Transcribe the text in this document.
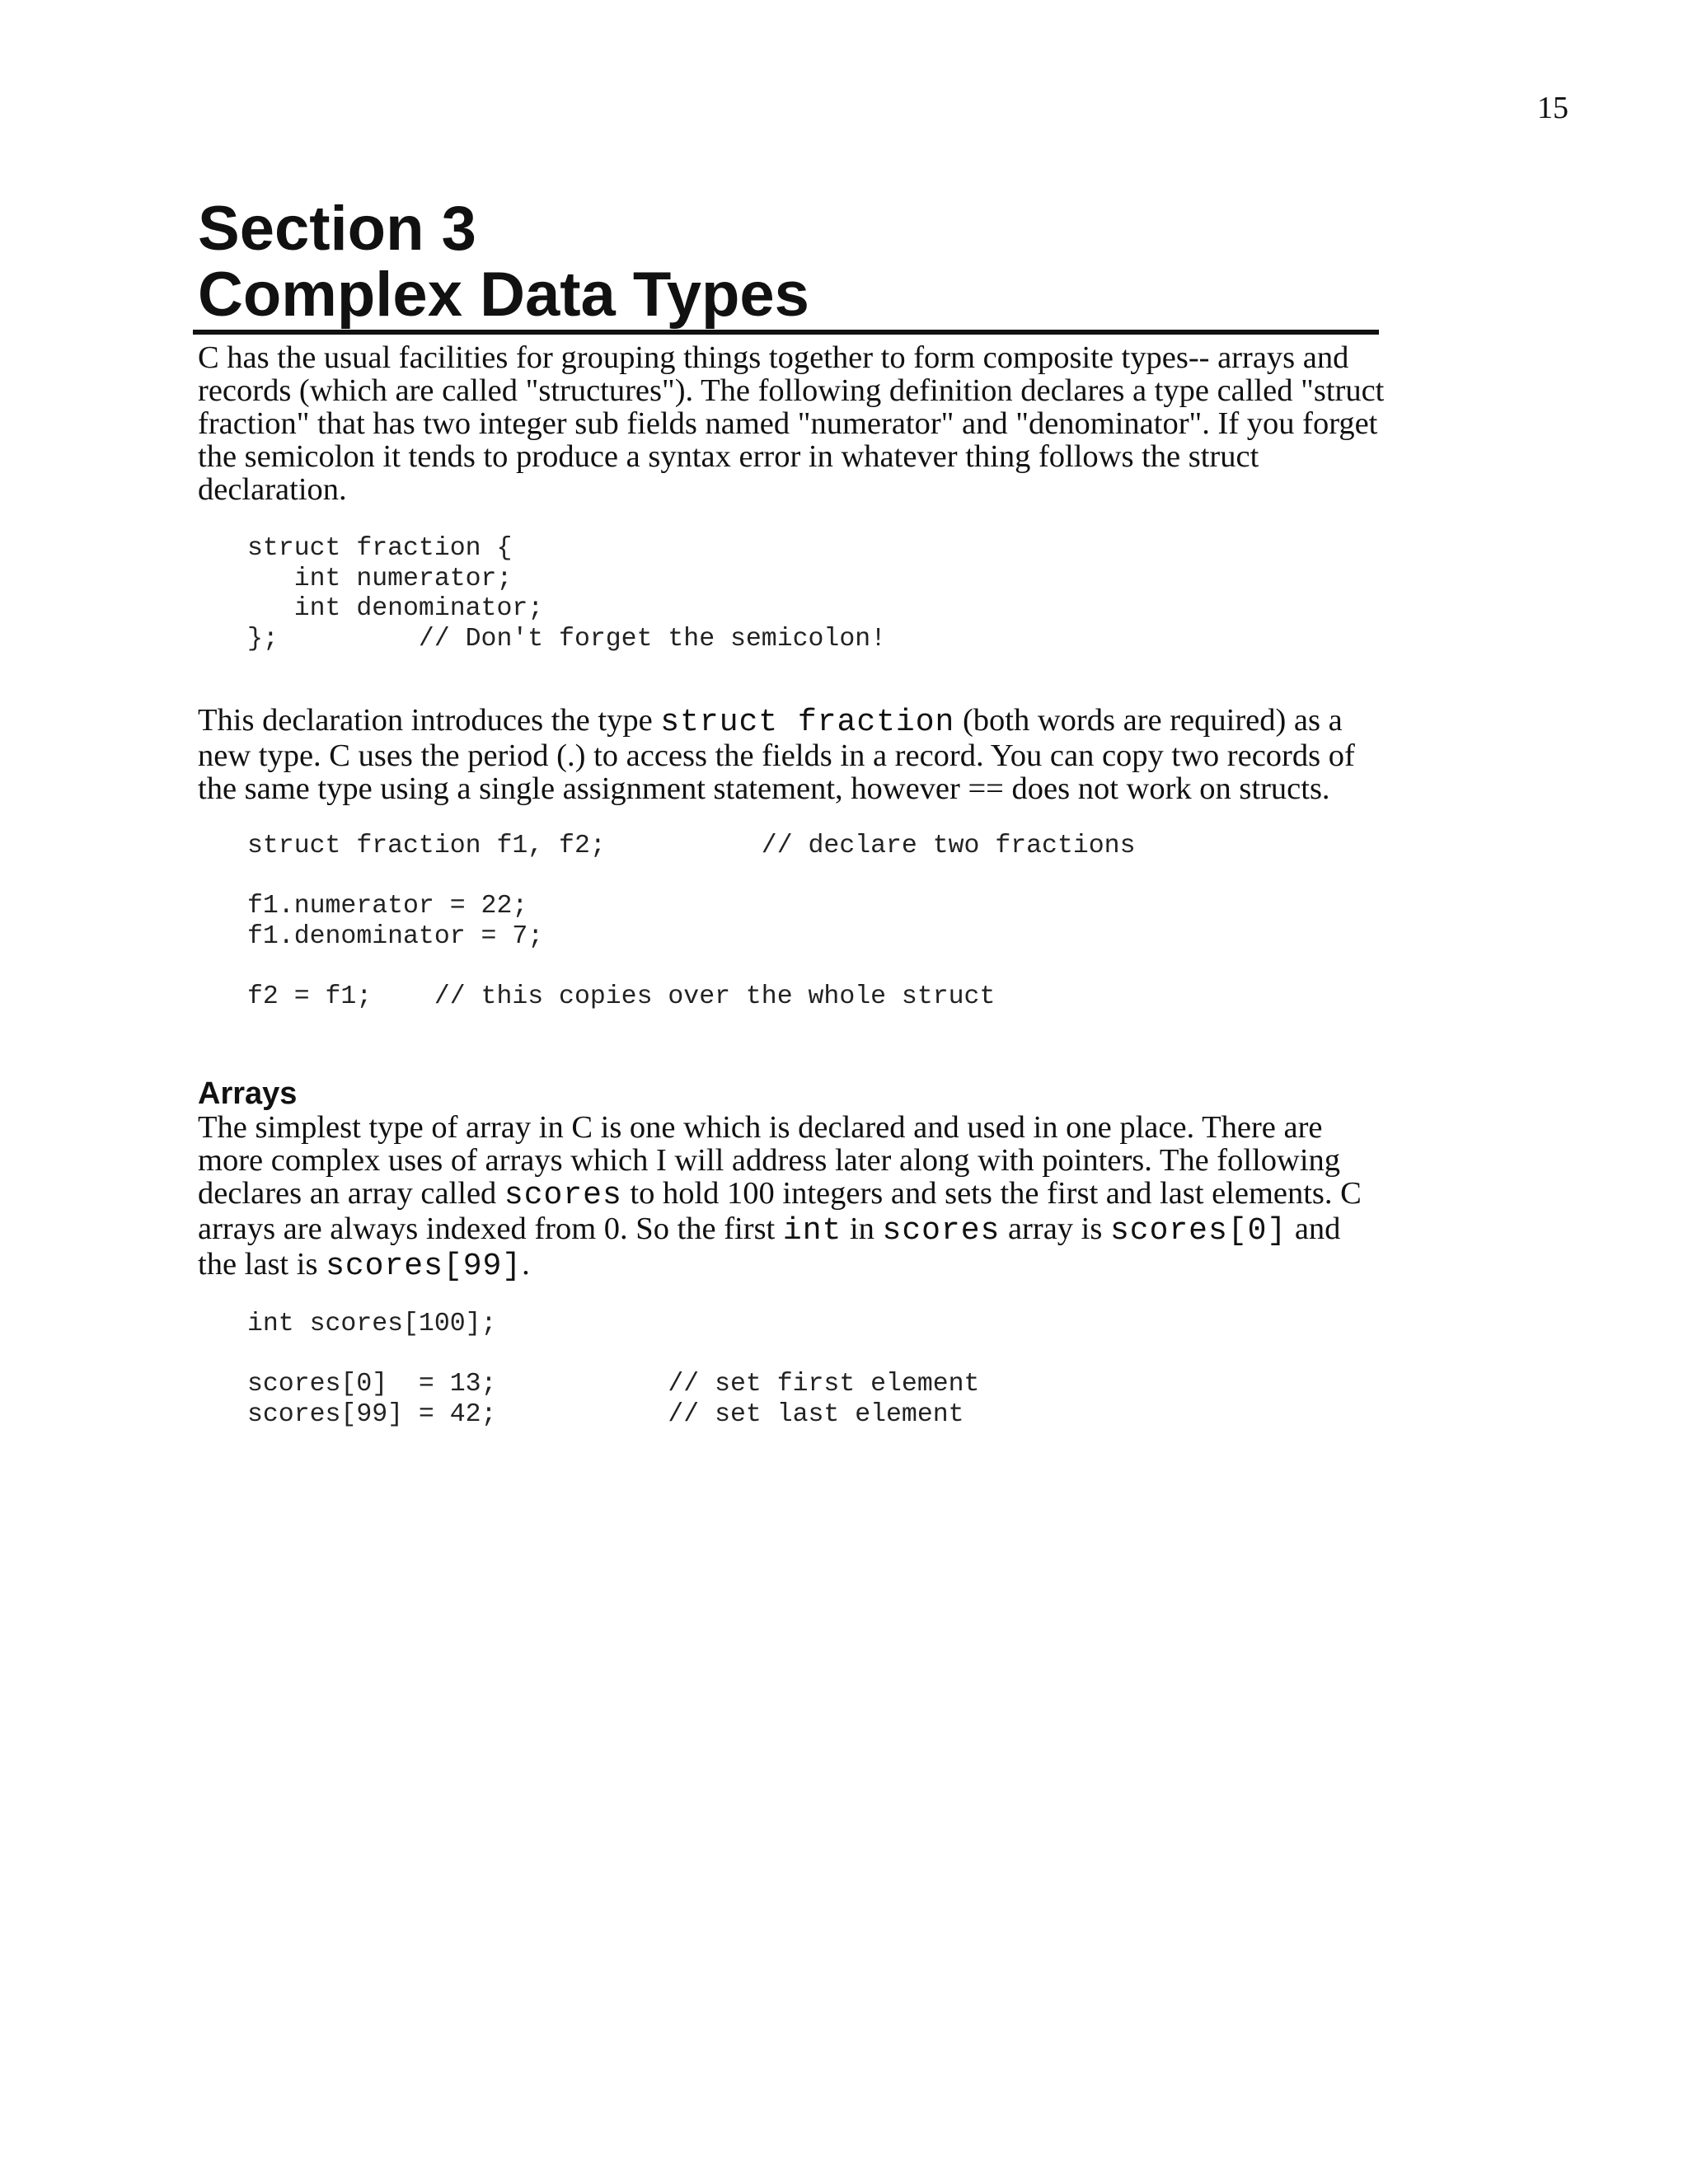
15
Section 3
Complex Data Types

C has the usual facilities for grouping things together to form composite types-- arrays and records (which are called "structures"). The following definition declares a type called "struct fraction" that has two integer sub fields named "numerator" and "denominator". If you forget the semicolon it tends to produce a syntax error in whatever thing follows the struct declaration.

struct fraction {
int numerator;
int denominator;
};         // Don't forget the semicolon!

This declaration introduces the type struct fraction (both words are required) as a new type. C uses the period (.) to access the fields in a record. You can copy two records of the same type using a single assignment statement, however == does not work on structs.

struct fraction f1, f2;          // declare two fractions
f1.numerator = 22;
f1.denominator = 7;
f2 = f1;    // this copies over the whole struct
Arrays

The simplest type of array in C is one which is declared and used in one place. There are more complex uses of arrays which I will address later along with pointers. The following declares an array called scores to hold 100 integers and sets the first and last elements. C arrays are always indexed from 0. So the first int in scores array is scores[0] and the last is scores[99].

int scores[100];
scores[0]  = 13;           // set first element
scores[99] = 42;           // set last element
